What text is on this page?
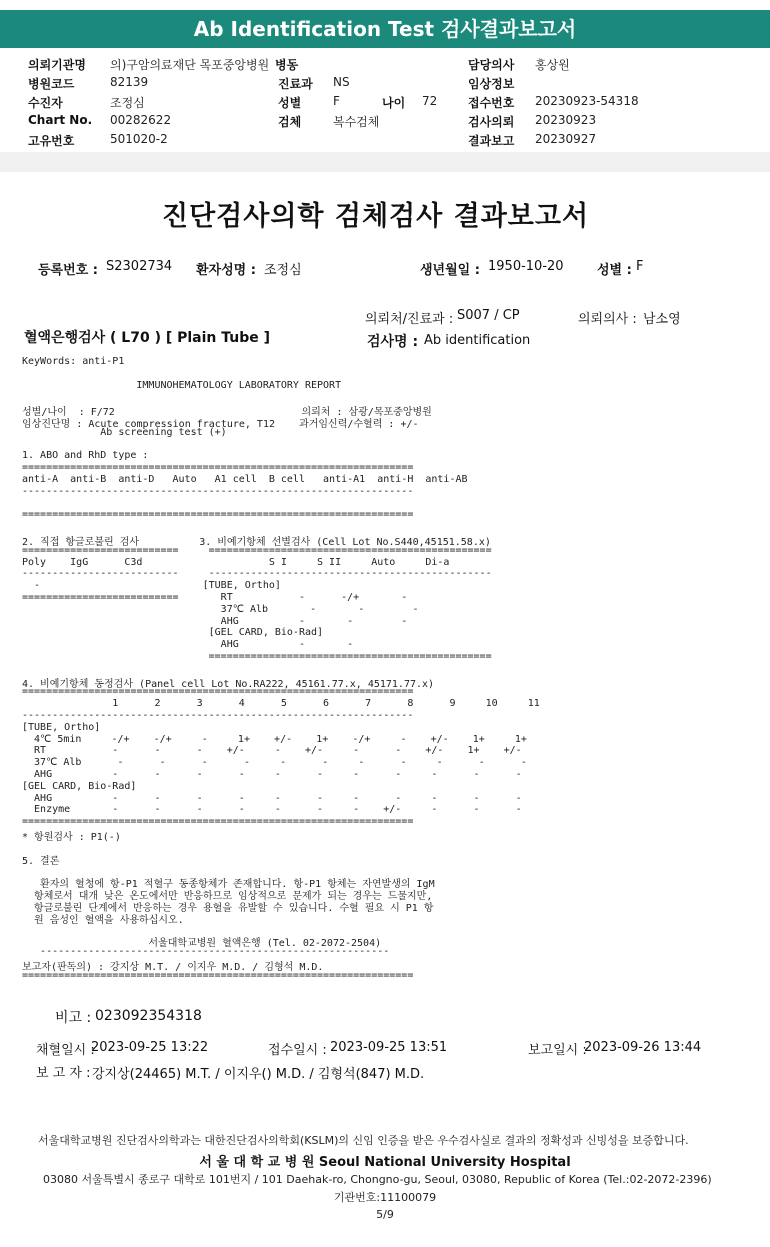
Ab Identification Test 검사결과보고서
의뢰기관명 의)구암의료재단 목포중앙병원 병동	담당의사 홍상원
병원코드	82139	진료과 NS	임상정보
수진자	조정심	성별	F	나이 72	접수번호 20230923-54318
Chart No. 00282622	검체	복수검체	검사의뢰 20230923
고유번호	501020-2	결과보고 20230927
진단검사의학 검체검사 결과보고서
등록번호 : S2302734 환자성명 : 조정심	생년월일 : 1950-10-20	성별 : F
의뢰처/진료과 : S007 / CP	의뢰의사 : 남소영
혈액은행검사 ( L70 ) [ Plain Tube ]	검사명 : Ab identification
KeyWords: anti-P1
IMMUNOHEMATOLOGY LABORATORY REPORT
성별/나이  : F/72                               의뢰처 : 삼광/목포중앙병원
임상진단명 : Acute compression fracture, T12    과거임신력/수혈력 : +/-
Ab screening test (+)
1. ABO and RhD type :
=================================================================
anti-A  anti-B  anti-D   Auto   A1 cell  B cell   anti-A1  anti-H  anti-AB
-----------------------------------------------------------------
=================================================================
2. 직접 항글로불린 검사          3. 비예기항체 선별검사 (Cell Lot No.S440,45151.58.x)
==========================     ===============================================
Poly    IgG      C3d                     S I     S II     Auto     Di-a
--------------------------     -----------------------------------------------
-                           [TUBE, Ortho]
==========================       RT           -      -/+       -
37℃ Alb       -       -        -
AHG          -       -        -
[GEL CARD, Bio-Rad]
AHG          -       -
===============================================
4. 비예기항체 동정검사 (Panel cell Lot No.RA222, 45161.77.x, 45171.77.x)
=================================================================
1      2      3      4      5      6      7      8      9     10     11
-----------------------------------------------------------------
[TUBE, Ortho]
4℃ 5min     -/+    -/+     -     1+    +/-    1+    -/+     -    +/-    1+     1+
RT           -      -      -    +/-     -    +/-     -      -    +/-    1+    +/-
37℃ Alb      -      -      -      -     -      -     -      -     -      -      -
AHG          -      -      -      -     -      -     -      -     -      -      -
[GEL CARD, Bio-Rad]
AHG          -      -      -      -     -      -     -      -     -      -      -
Enzyme       -      -      -      -     -      -     -    +/-     -      -      -
=================================================================
* 항원검사 : P1(-)
5. 결론
환자의 혈청에 항-P1 적혈구 동종항체가 존재합니다. 항-P1 항체는 자연발생의 IgM
항체로서 대개 낮은 온도에서만 반응하므로 임상적으로 문제가 되는 경우는 드물지만,
항글로불린 단계에서 반응하는 경우 용혈을 유발할 수 있습니다. 수혈 필요 시 P1 항
원 음성인 혈액을 사용하십시오.
서울대학교병원 혈액은행 (Tel. 02-2072-2504)
----------------------------------------------------------
보고자(판독의) : 강지상 M.T. / 이지우 M.D. / 김형석 M.D.
=================================================================
비고 : 023092354318
채혈일시 :
2023-09-25 13:22	접수일시 : 2023-09-25 13:51	보고일시 :
2023-09-26 13:44
보 고 자 : 강지상(24465) M.T. / 이지우() M.D. / 김형석(847) M.D.
서울대학교병원 진단검사의학과는 대한진단검사의학회(KSLM)의 신임 인증을 받은 우수검사실로 결과의 정확성과 신빙성을 보증합니다.
서 울 대 학 교 병 원 Seoul National University Hospital
03080 서울특별시 종로구 대학로 101번지 / 101 Daehak-ro, Chongno-gu, Seoul, 03080, Republic of Korea (Tel.:02-2072-2396)
기관번호:11100079
5/9
